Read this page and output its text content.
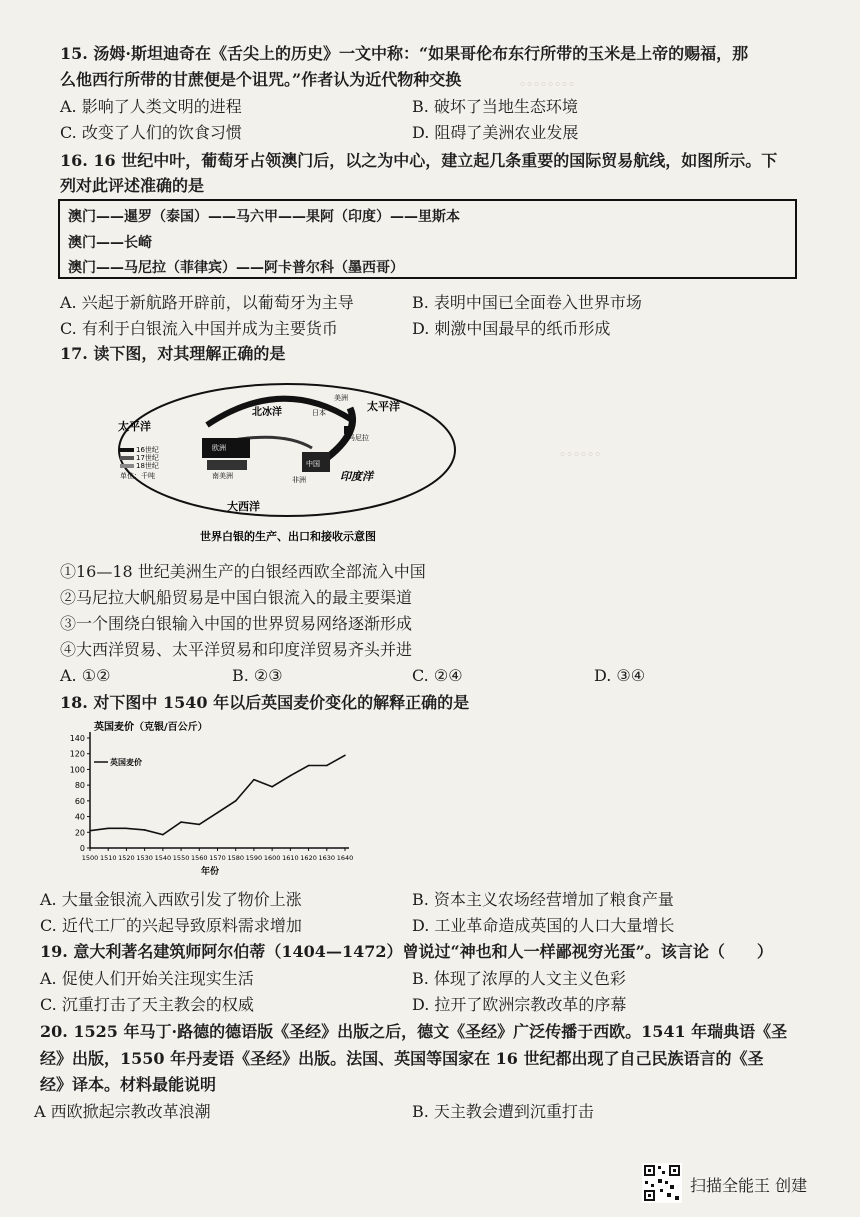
。。。。。。。。
。。。。。。
15. 汤姆·斯坦迪奇在《舌尖上的历史》一文中称：“如果哥伦布东行所带的玉米是上帝的赐福，那
么他西行所带的甘蔗便是个诅咒。”作者认为近代物种交换
A. 影响了人类文明的进程	B. 破坏了当地生态环境
C. 改变了人们的饮食习惯	D. 阻碍了美洲农业发展
16. 16 世纪中叶，葡萄牙占领澳门后，以之为中心，建立起几条重要的国际贸易航线，如图所示。下
列对此评述准确的是
澳门——暹罗（泰国）——马六甲——果阿（印度）——里斯本
澳门——长崎
澳门——马尼拉（菲律宾）——阿卡普尔科（墨西哥）
A. 兴起于新航路开辟前，以葡萄牙为主导	B. 表明中国已全面卷入世界市场
C. 有利于白银流入中国并成为主要货币	D. 刺激中国最早的纸币形成
17. 读下图，对其理解正确的是
太平洋
太平洋
大西洋
印度洋
北冰洋	日本
美洲
欧洲
中国
马尼拉
南美洲	非洲
16世纪
17世纪
18世纪
单位：千吨
世界白银的生产、出口和接收示意图
①16—18 世纪美洲生产的白银经西欧全部流入中国
②马尼拉大帆船贸易是中国白银流入的最主要渠道
③一个围绕白银输入中国的世界贸易网络逐渐形成
④大西洋贸易、太平洋贸易和印度洋贸易齐头并进
A. ①②	B. ②③	C. ②④	D. ③④
18. 对下图中 1540 年以后英国麦价变化的解释正确的是
英国麦价（克银/百公斤）
0
20
40
60
80
100
120
140
1500 1510 1520 1530 1540 1550 1560 1570 1580 1590 1600 1610 1620 1630 1640
英国麦价
年份
A. 大量金银流入西欧引发了物价上涨	B. 资本主义农场经营增加了粮食产量
C. 近代工厂的兴起导致原料需求增加	D. 工业革命造成英国的人口大量增长
19. 意大利著名建筑师阿尔伯蒂（1404—1472）曾说过“神也和人一样鄙视穷光蛋”。该言论（　　）
A. 促使人们开始关注现实生活	B. 体现了浓厚的人文主义色彩
C. 沉重打击了天主教会的权威	D. 拉开了欧洲宗教改革的序幕
20. 1525 年马丁·路德的德语版《圣经》出版之后，德文《圣经》广泛传播于西欧。1541 年瑞典语《圣
经》出版，1550 年丹麦语《圣经》出版。法国、英国等国家在 16 世纪都出现了自己民族语言的《圣
经》译本。材料最能说明
A 西欧掀起宗教改革浪潮	B. 天主教会遭到沉重打击
扫描全能王 创建
